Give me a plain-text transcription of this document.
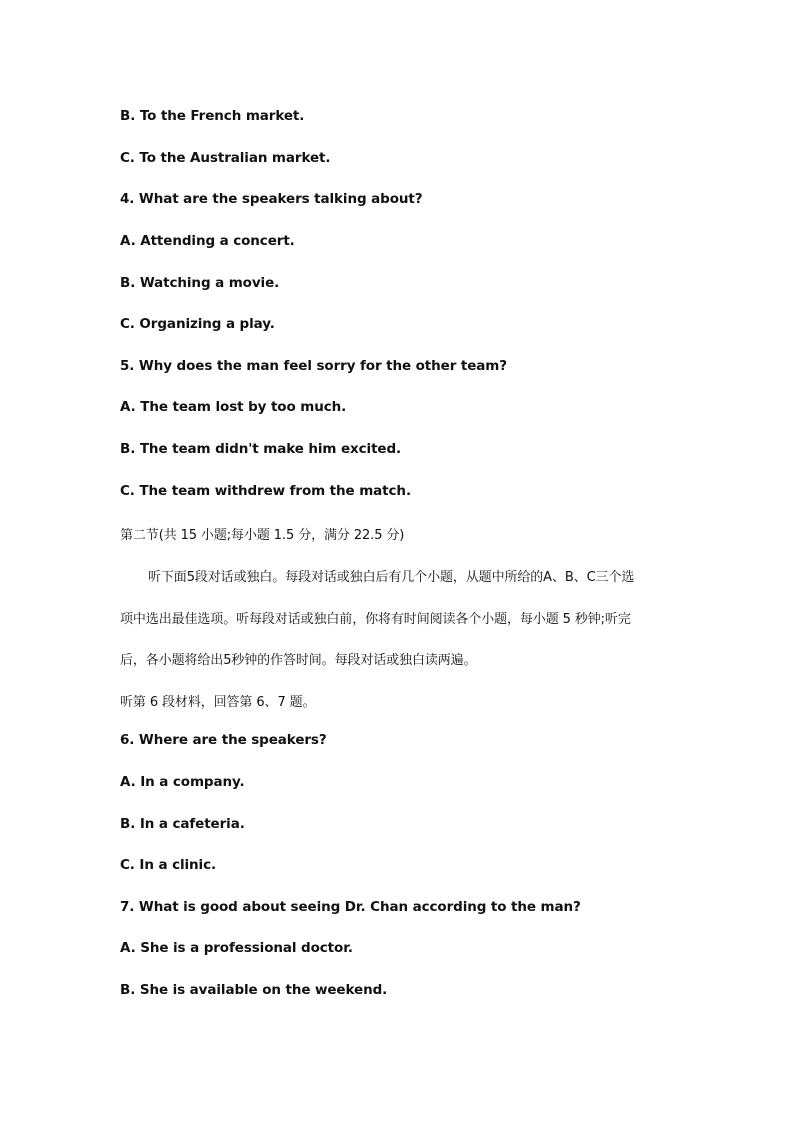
B. To the French market.
C. To the Australian market.
4. What are the speakers talking about?
A. Attending a concert.
B. Watching a movie.
C. Organizing a play.
5. Why does the man feel sorry for the other team?
A. The team lost by too much.
B. The team didn't make him excited.
C. The team withdrew from the match.
第二节(共 15 小题;每小题 1.5 分，满分 22.5 分)
听下面5段对话或独白。每段对话或独白后有几个小题，从题中所给的A、B、C三个选
项中选出最佳选项。听每段对话或独白前，你将有时间阅读各个小题，每小题 5 秒钟;听完
后，各小题将给出5秒钟的作答时间。每段对话或独白读两遍。
听第 6 段材料，回答第 6、7 题。
6. Where are the speakers?
A. In a company.
B. In a cafeteria.
C. In a clinic.
7. What is good about seeing Dr. Chan according to the man?
A. She is a professional doctor.
B. She is available on the weekend.
